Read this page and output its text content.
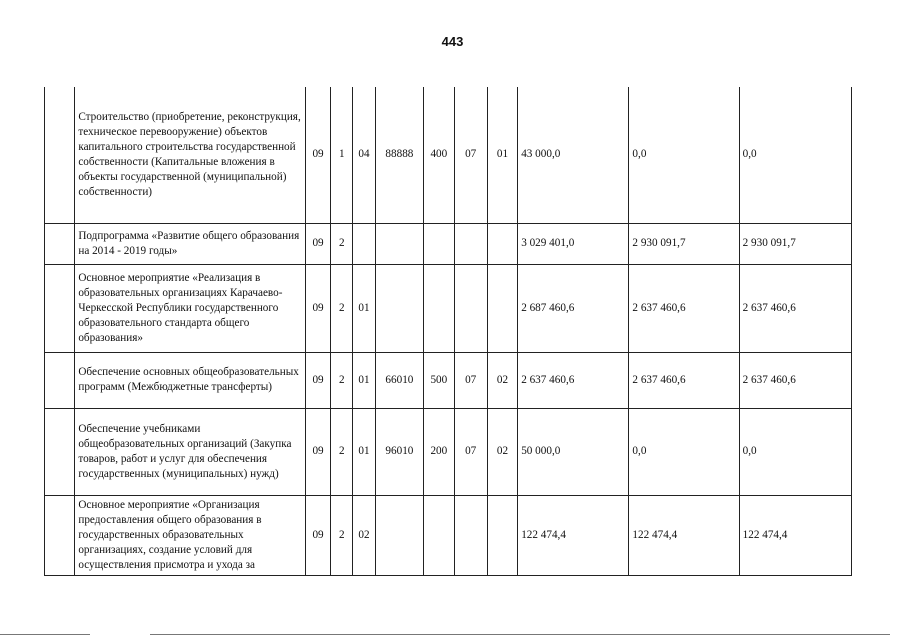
443
	Строительство (приобретение, реконструкция, техническое перевооружение) объектов капитального строительства государственной собственности (Капитальные вложения в объекты государственной (муниципальной) собственности)	09	1	04	88888	400	07	01	43 000,0	0,0	0,0
	Подпрограмма «Развитие общего образования на 2014 - 2019 годы»	09	2						3 029 401,0	2 930 091,7	2 930 091,7
	Основное мероприятие «Реализация в образовательных организациях Карачаево-Черкесской Республики государственного образовательного стандарта общего образования»	09	2	01					2 687 460,6	2 637 460,6	2 637 460,6
	Обеспечение основных общеобразовательных программ (Межбюджетные трансферты)	09	2	01	66010	500	07	02	2 637 460,6	2 637 460,6	2 637 460,6
	Обеспечение учебниками общеобразовательных организаций (Закупка товаров, работ и услуг для обеспечения государственных (муниципальных) нужд)	09	2	01	96010	200	07	02	50 000,0	0,0	0,0
	Основное мероприятие «Организация предоставления общего образования в государственных образовательных организациях, создание условий для осуществления присмотра и ухода за	09	2	02					122 474,4	122 474,4	122 474,4
